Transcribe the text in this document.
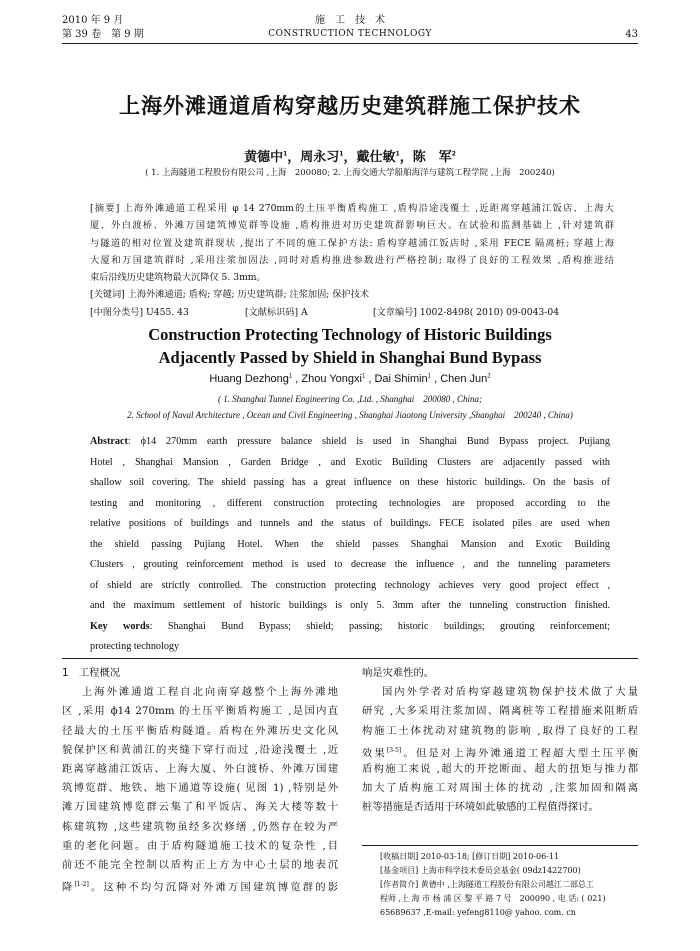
2010 年 9 月
第 39 卷　第 9 期
施　工　技　术
CONSTRUCTION TECHNOLOGY	43
上海外滩通道盾构穿越历史建筑群施工保护技术
黄德中$^1$，周永习$^1$，戴仕敏$^1$，陈　军$^2$
( 1. 上海隧道工程股份有限公司 ,上海　200080; 2. 上海交通大学船舶海洋与建筑工程学院 ,上海　200240)
[摘要] 上海外滩通道工程采用 φ 14 270mm的土压平衡盾构施工 ,盾构沿途浅覆土 ,近距离穿越浦江饭店、上海大
厦、外白渡桥、外滩万国建筑博览群等设施 ,盾构推进对历史建筑群影响巨大。在试验和监测基础上 ,针对建筑群
与隧道的相对位置及建筑群现状 ,提出了不同的施工保护方法: 盾构穿越浦江饭店时 ,采用 FECE 隔离桩; 穿越上海
大厦和万国建筑群时 ,采用注浆加固法 ,同时对盾构推进参数进行严格控制; 取得了良好的工程效果 ,盾构推进结
束后沿线历史建筑物最大沉降仅 5. 3mm。
[关键词] 上海外滩通道; 盾构; 穿越; 历史建筑群; 注浆加固; 保护技术
[中图分类号] U455. 43	[文献标识码] A	[文章编号] 1002-8498( 2010) 09-0043-04
Construction Protecting Technology of Historic Buildings
Adjacently Passed by Shield in Shanghai Bund Bypass
Huang Dezhong$^1$ , Zhou Yongxi$^1$ , Dai Shimin$^1$ , Chen Jun$^2$
( 1. Shanghai Tunnel Engineering Co. ,Ltd. , Shanghai　200080 , China;
2. School of Naval Architecture , Ocean and Civil Engineering , Shanghai Jiaotong University ,Shanghai　200240 , China)
Abstract: ϕ14 270mm earth pressure balance shield is used in Shanghai Bund Bypass project. Pujiang
Hotel , Shanghai Mansion , Garden Bridge , and Exotic Building Clusters are adjacently passed with
shallow soil covering. The shield passing has a great influence on these historic buildings. On the basis of
testing and monitoring , different construction protecting technologies are proposed according to the
relative positions of buildings and tunnels and the status of buildings. FECE isolated piles are used when
the shield passing Pujiang Hotel. When the shield passes Shanghai Mansion and Exotic Building
Clusters , grouting reinforcement method is used to decrease the influence , and the tunneling parameters
of shield are strictly controlled. The construction protecting technology achieves very good project effect ,
and the maximum settlement of historic buildings is only 5. 3mm after the tunneling construction finished.
Key words: Shanghai Bund Bypass; shield; passing; historic buildings; grouting reinforcement;
protecting technology
1　 工程概况
上海外滩通道工程自北向南穿越整个上海外滩地
区 ,采用 ϕ14 270mm 的土压平衡盾构施工 ,是国内直
径最大的土压平衡盾构隧道。盾构在外滩历史文化风
貌保护区和黄浦江的夹缝下穿行而过 ,沿途浅覆土 ,近
距离穿越浦江饭店、上海大厦、外白渡桥、外滩万国建
筑博览群、地铁、地下通道等设施( 见图 1) ,特别是外
滩万国建筑博览群云集了和平饭店、海关大楼等数十
栋建筑物 ,这些建筑物虽经多次修缮 ,仍然存在较为严
重的老化问题。由于盾构隧道施工技术的复杂性 ,目
前还不能完全控制以盾构正上方为中心土层的地表沉
降[1-2]。这种不均匀沉降对外滩万国建筑博览群的影
响是灾难性的。
国内外学者对盾构穿越建筑物保护技术做了大量
研究 ,大多采用注浆加固、隔离桩等工程措施来阻断盾
构施工土体扰动对建筑物的影响 ,取得了良好的工程
效果[3-5]。但是对上海外滩通道工程超大型土压平衡
盾构施工来说 ,超大的开挖断面、超大的扭矩与推力都
加大了盾构施工对周围土体的扰动 ,注浆加固和隔离
桩等措施是否适用于环境如此敏感的工程值得探讨。
[收稿日期] 2010-03-18; [修订日期] 2010-06-11
[基金项目] 上海市科学技术委员会基金( 09dz1422700)
[作者简介] 黄德中 ,上海隧道工程股份有限公司越江二部总工
程师 ,上 海 市 杨 浦 区 黎 平 路 7 号　200090 , 电 话: ( 021)
65689637 ,E-mail: yefeng8110@ yahoo. com. cn
